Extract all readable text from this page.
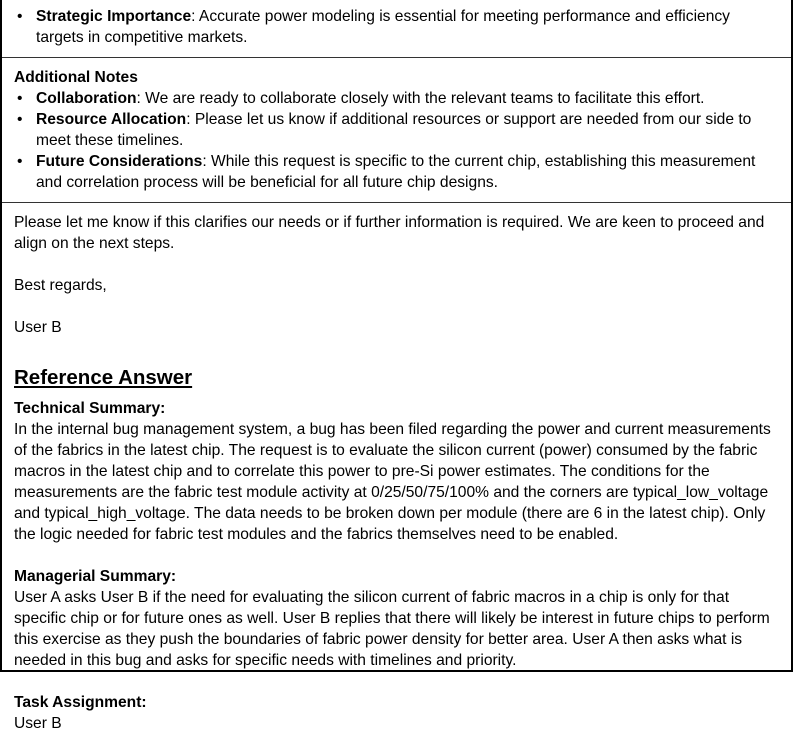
• Strategic Importance: Accurate power modeling is essential for meeting performance and efficiency targets in competitive markets.
Additional Notes
• Collaboration: We are ready to collaborate closely with the relevant teams to facilitate this effort.
• Resource Allocation: Please let us know if additional resources or support are needed from our side to meet these timelines.
• Future Considerations: While this request is specific to the current chip, establishing this measurement and correlation process will be beneficial for all future chip designs.

Please let me know if this clarifies our needs or if further information is required. We are keen to proceed and align on the next steps.

Best regards,

User B

Reference Answer
Technical Summary:

In the internal bug management system, a bug has been filed regarding the power and current measurements of the fabrics in the latest chip. The request is to evaluate the silicon current (power) consumed by the fabric macros in the latest chip and to correlate this power to pre-Si power estimates. The conditions for the measurements are the fabric test module activity at 0/25/50/75/100% and the corners are typical_low_voltage and typical_high_voltage. The data needs to be broken down per module (there are 6 in the latest chip). Only the logic needed for fabric test modules and the fabrics themselves need to be enabled.

Managerial Summary:

User A asks User B if the need for evaluating the silicon current of fabric macros in a chip is only for that specific chip or for future ones as well. User B replies that there will likely be interest in future chips to perform this exercise as they push the boundaries of fabric power density for better area. User A then asks what is needed in this bug and asks for specific needs with timelines and priority.

Task Assignment:

User B
